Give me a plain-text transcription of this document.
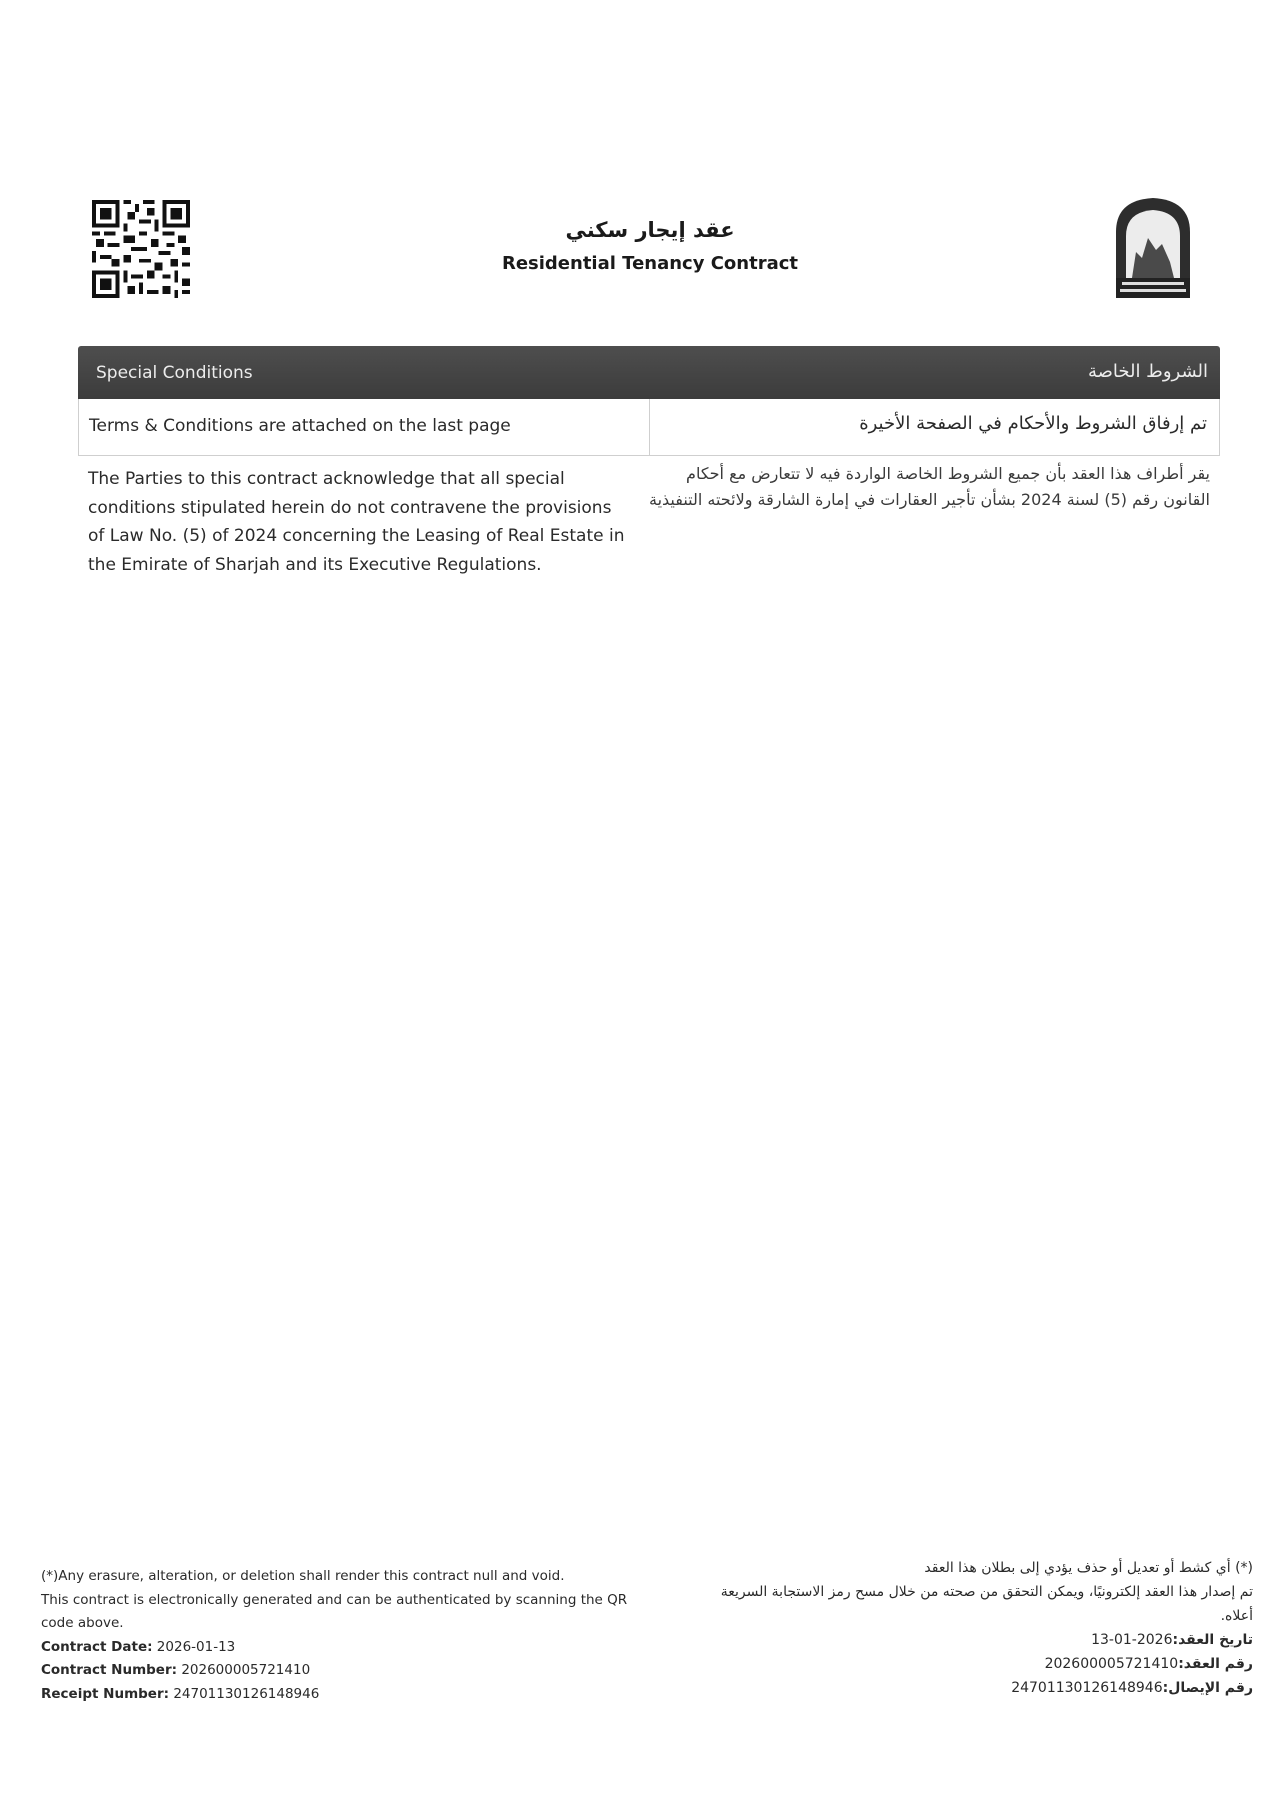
عقد إيجار سكني
Residential Tenancy Contract
Special Conditions	الشروط الخاصة
Terms & Conditions are attached on the last page	تم إرفاق الشروط والأحكام في الصفحة الأخيرة
The Parties to this contract acknowledge that all special conditions stipulated herein do not contravene the provisions of Law No. (5) of 2024 concerning the Leasing of Real Estate in the Emirate of Sharjah and its Executive Regulations.
يقر أطراف هذا العقد بأن جميع الشروط الخاصة الواردة فيه لا تتعارض مع أحكام القانون رقم (5) لسنة 2024 بشأن تأجير العقارات في إمارة الشارقة ولائحته التنفيذية
(*)Any erasure, alteration, or deletion shall render this contract null and void.
This contract is electronically generated and can be authenticated by scanning the QR code above.
Contract Date: 2026-01-13
Contract Number: 202600005721410
Receipt Number: 24701130126148946
(*) أي كشط أو تعديل أو حذف يؤدي إلى بطلان هذا العقد
تم إصدار هذا العقد إلكترونيًا، ويمكن التحقق من صحته من خلال مسح رمز الاستجابة السريعة أعلاه.
تاريخ العقد:2026-01-13
رقم العقد:202600005721410
رقم الإيصال:24701130126148946
